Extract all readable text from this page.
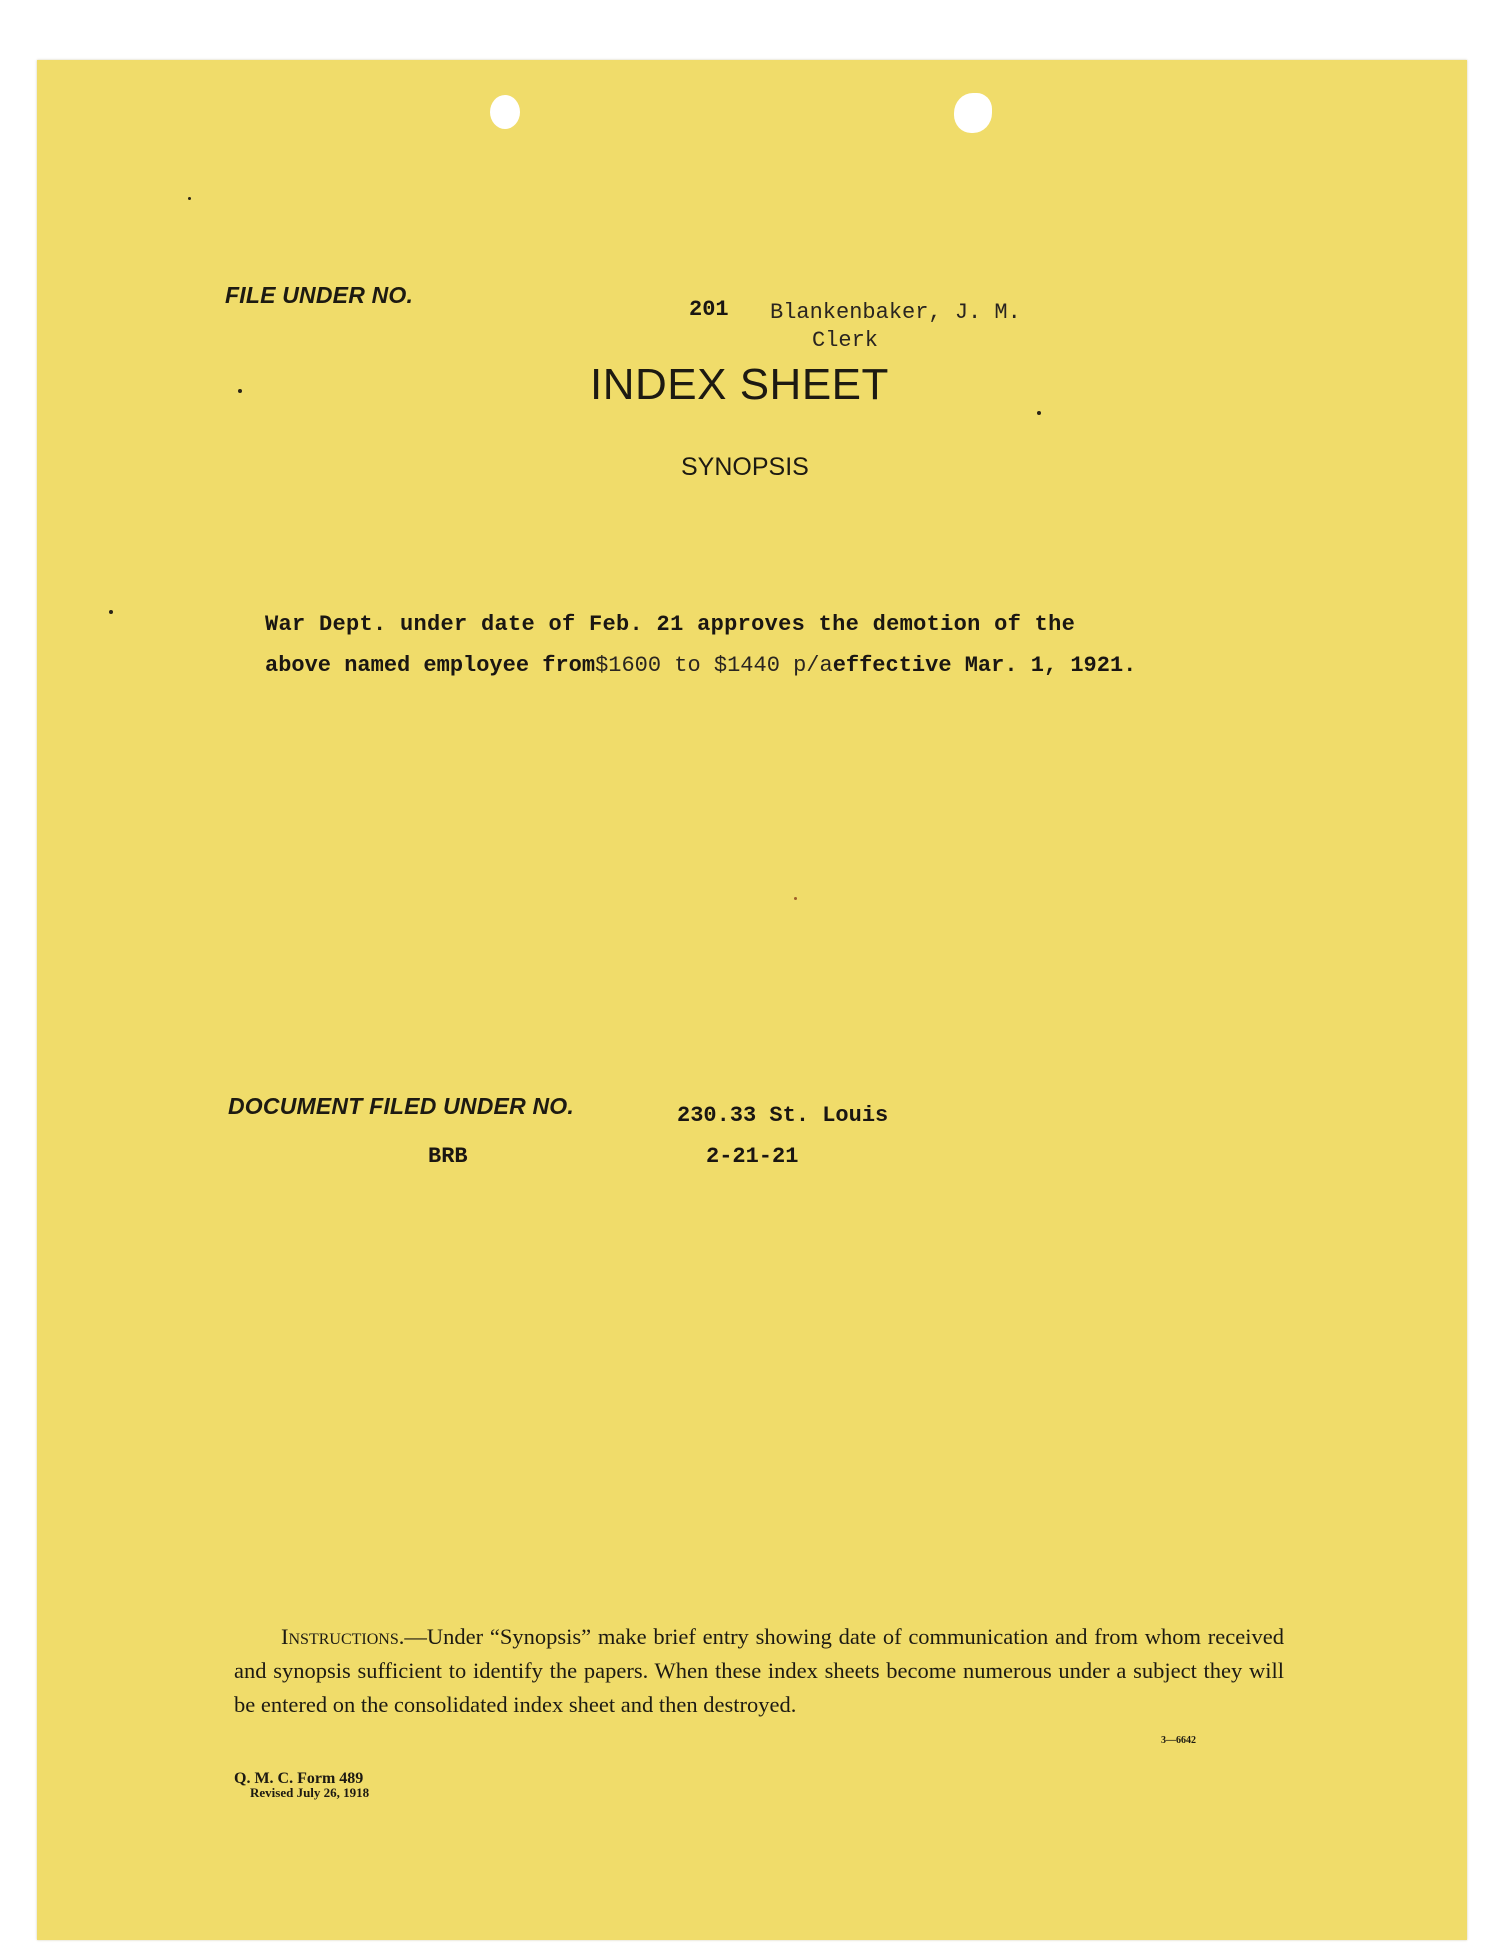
FILE UNDER NO.
201 Blankenbaker, J. M.
Clerk
INDEX SHEET
SYNOPSIS
War Dept. under date of Feb. 21 approves the demotion of the
above named employee from$1600 to $1440 p/aeffective Mar. 1, 1921.
DOCUMENT FILED UNDER NO.	230.33 St. Louis
BRB	2-21-21
Instructions.—Under “Synopsis” make brief entry showing date of communication and from whom received and synopsis sufficient to identify the papers. When these index sheets become numerous under a subject they will be entered on the consolidated index sheet and then destroyed.
3—6642
Q. M. C. Form 489
Revised July 26, 1918
